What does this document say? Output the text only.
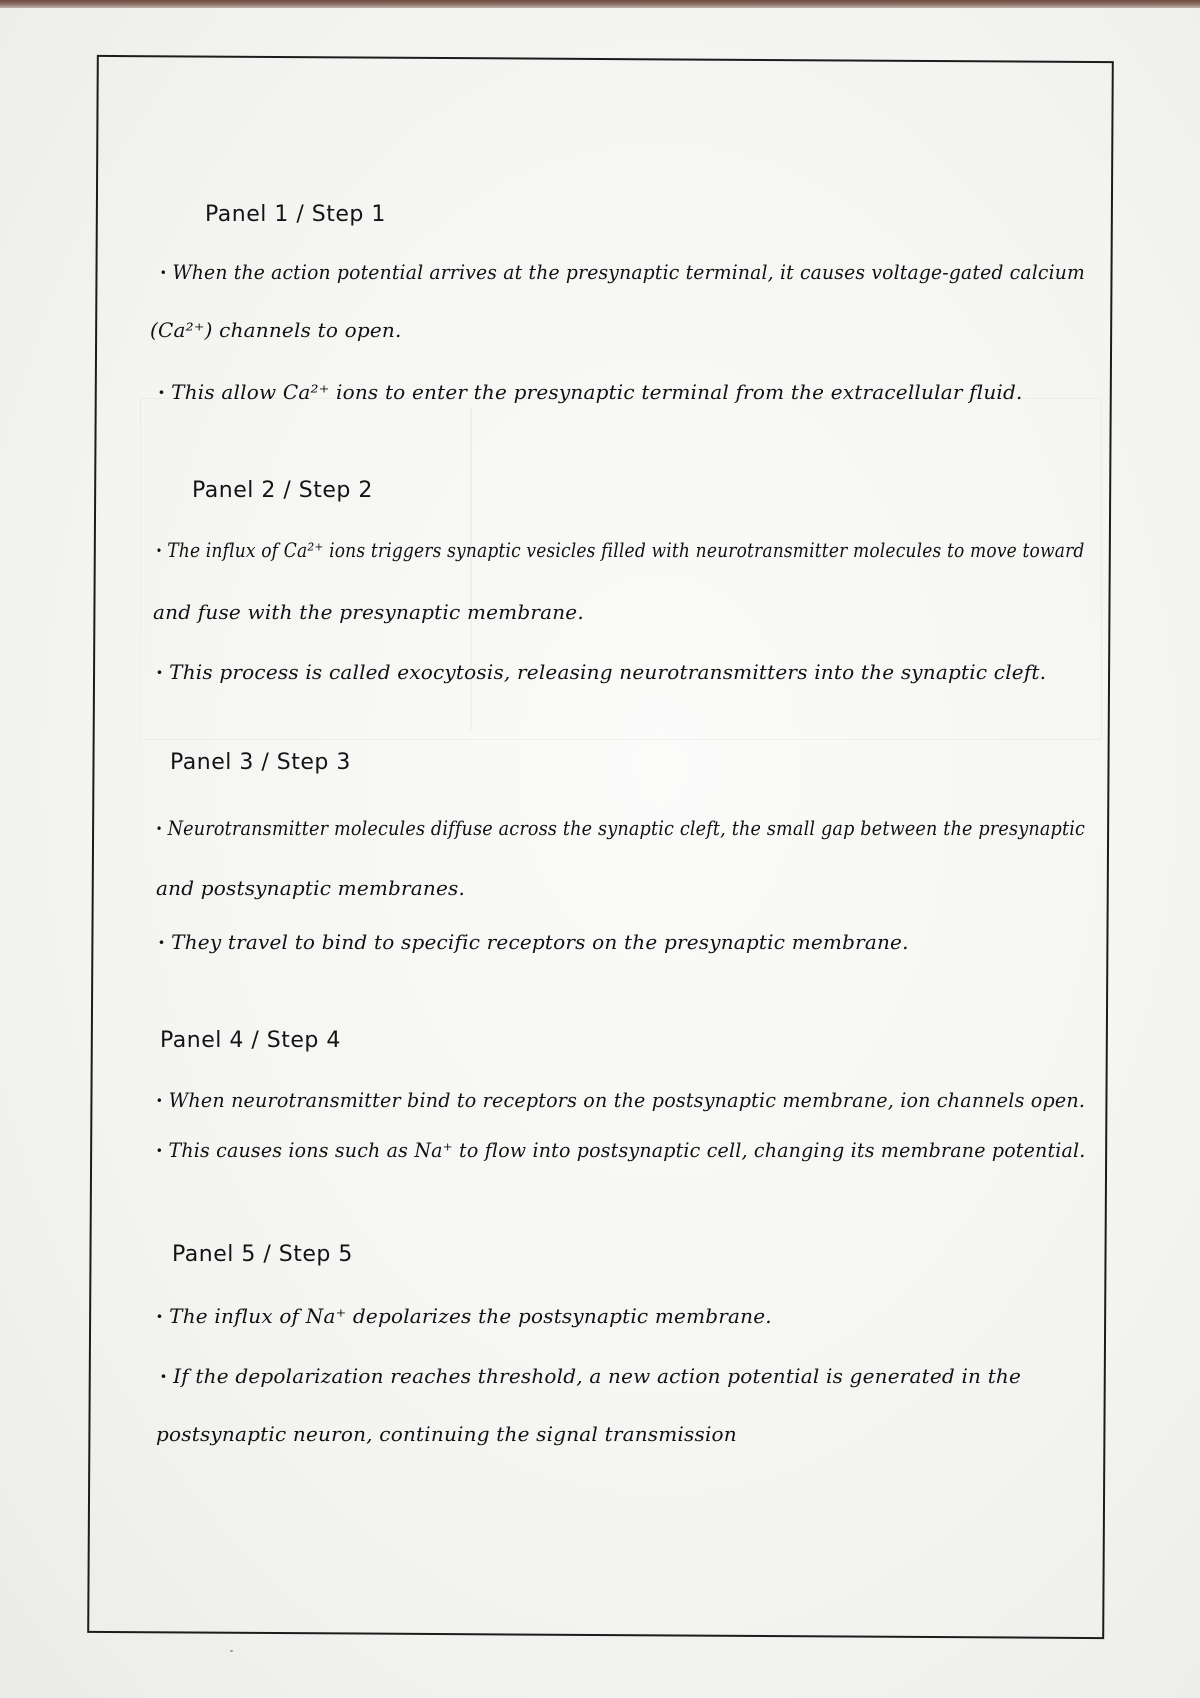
Panel 1 / Step 1

· When the action potential arrives at the presynaptic terminal, it causes voltage-gated calcium

(Ca²⁺) channels to open.

· This allow Ca²⁺ ions to enter the presynaptic terminal from the extracellular fluid.

Panel 2 / Step 2

· The influx of Ca²⁺ ions triggers synaptic vesicles filled with neurotransmitter molecules to move toward

and fuse with the presynaptic membrane.

· This process is called exocytosis, releasing neurotransmitters into the synaptic cleft.

Panel 3 / Step 3

· Neurotransmitter molecules diffuse across the synaptic cleft, the small gap between the presynaptic

and postsynaptic membranes.

· They travel to bind to specific receptors on the presynaptic membrane.

Panel 4 / Step 4

· When neurotransmitter bind to receptors on the postsynaptic membrane, ion channels open.

· This causes ions such as Na⁺ to flow into postsynaptic cell, changing its membrane potential.

Panel 5 / Step 5

· The influx of Na⁺ depolarizes the postsynaptic membrane.

· If the depolarization reaches threshold, a new action potential is generated in the

postsynaptic neuron, continuing the signal transmission
